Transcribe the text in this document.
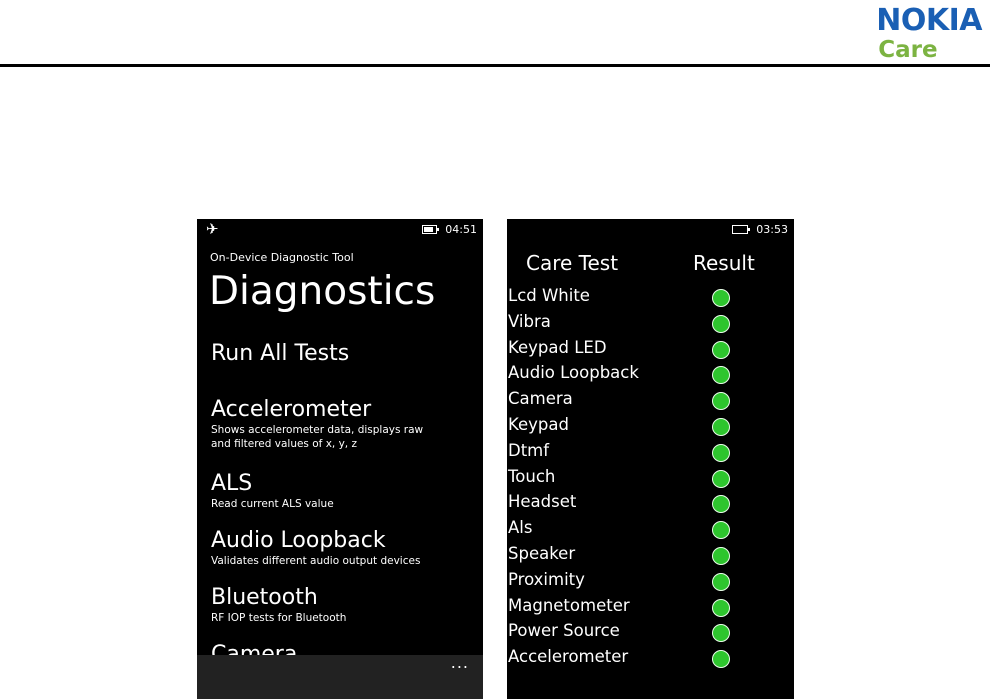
NOKIA
Care
✈	04:51
On-Device Diagnostic Tool
Diagnostics
Run All Tests
Accelerometer
Shows accelerometer data, displays raw
and filtered values of x, y, z
ALS
Read current ALS value
Audio Loopback
Validates different audio output devices
Bluetooth
RF IOP tests for Bluetooth
...
03:53
Care Test	Result
Lcd White
Vibra
Keypad LED
Audio Loopback
Camera
Keypad
Dtmf
Touch
Headset
Als
Speaker
Proximity
Magnetometer
Power Source
Accelerometer
